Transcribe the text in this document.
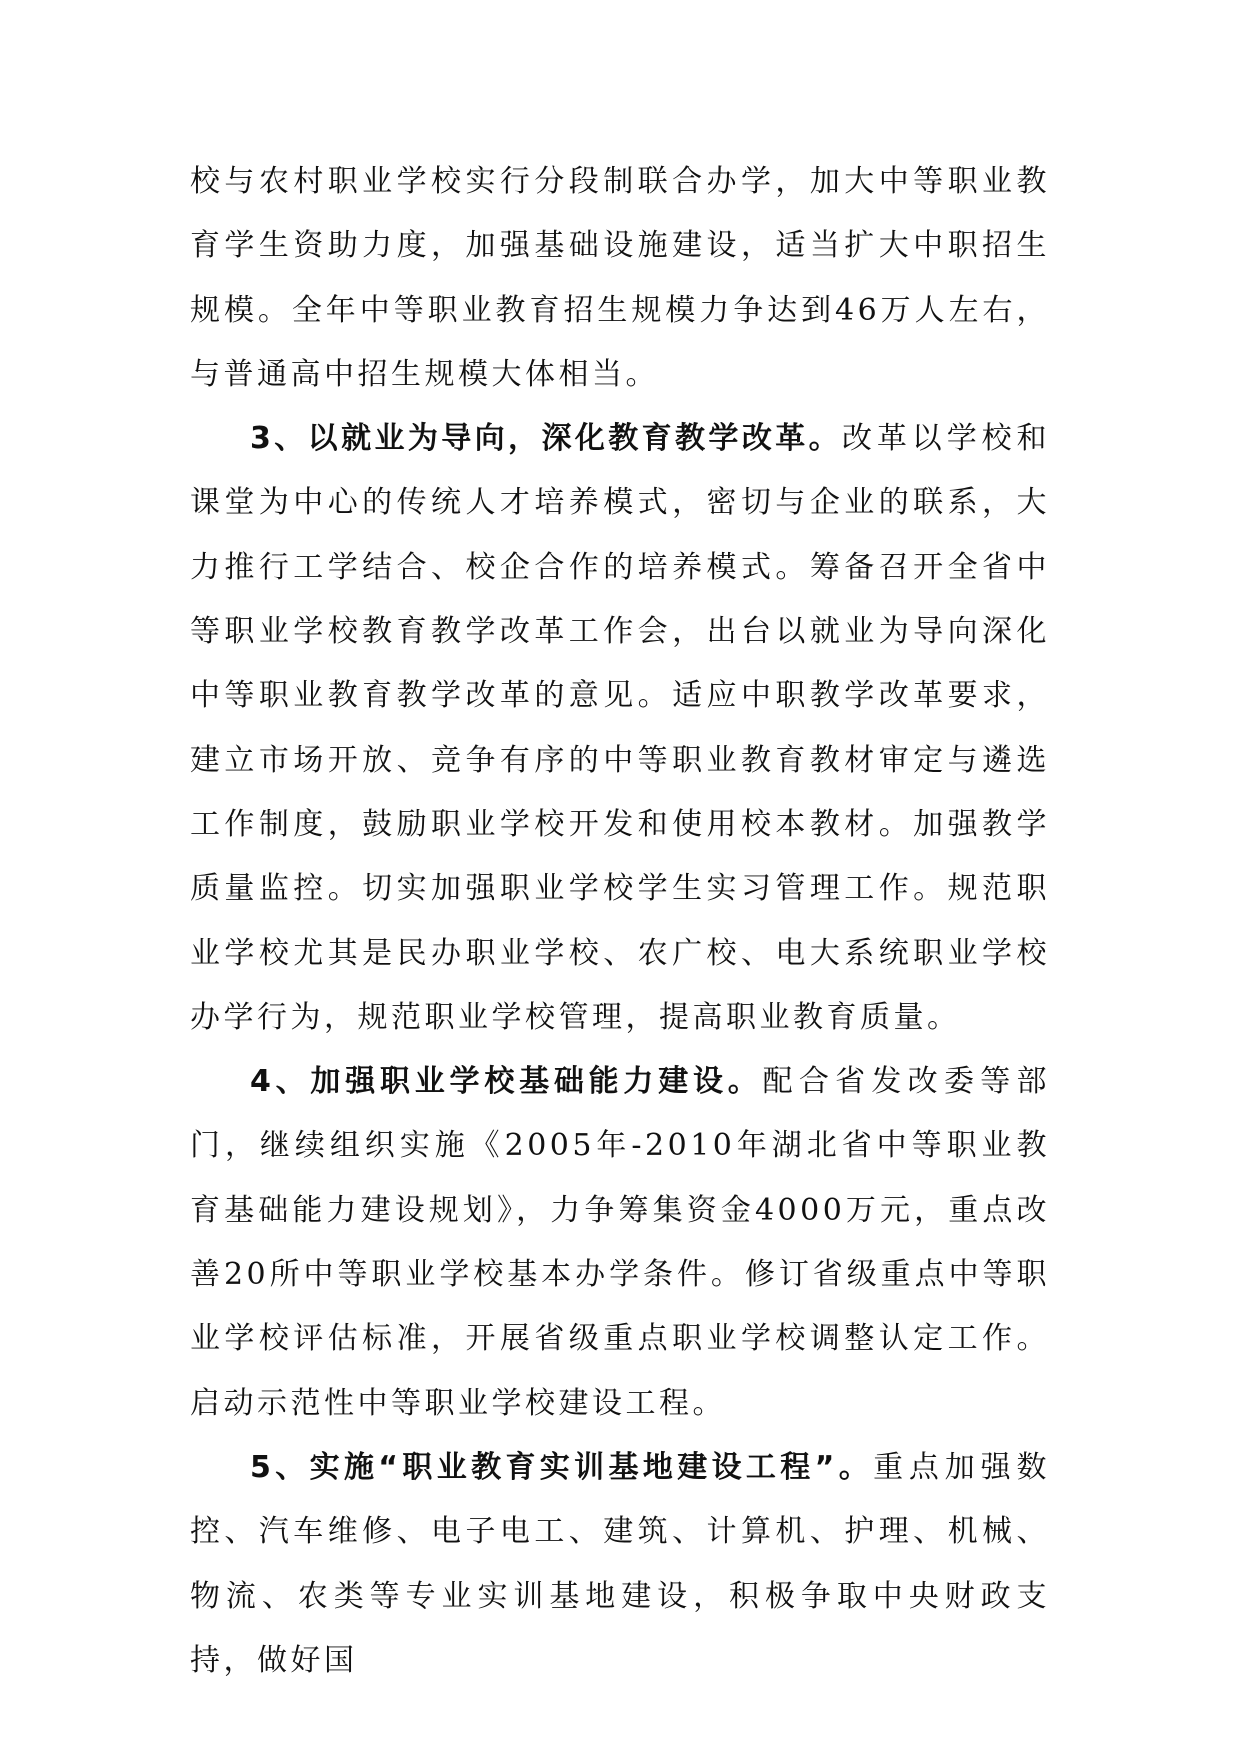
校与农村职业学校实行分段制联合办学，加大中等职业教育学生资助力度，加强基础设施建设，适当扩大中职招生规模。全年中等职业教育招生规模力争达到46万人左右，与普通高中招生规模大体相当。

3、以就业为导向，深化教育教学改革。改革以学校和课堂为中心的传统人才培养模式，密切与企业的联系，大力推行工学结合、校企合作的培养模式。筹备召开全省中等职业学校教育教学改革工作会，出台以就业为导向深化中等职业教育教学改革的意见。适应中职教学改革要求，建立市场开放、竞争有序的中等职业教育教材审定与遴选工作制度，鼓励职业学校开发和使用校本教材。加强教学质量监控。切实加强职业学校学生实习管理工作。规范职业学校尤其是民办职业学校、农广校、电大系统职业学校办学行为，规范职业学校管理，提高职业教育质量。

4、加强职业学校基础能力建设。配合省发改委等部门，继续组织实施《2005年-2010年湖北省中等职业教育基础能力建设规划》，力争筹集资金4000万元，重点改善20所中等职业学校基本办学条件。修订省级重点中等职业学校评估标准，开展省级重点职业学校调整认定工作。启动示范性中等职业学校建设工程。

5、实施“职业教育实训基地建设工程”。重点加强数控、汽车维修、电子电工、建筑、计算机、护理、机械、物流、农类等专业实训基地建设，积极争取中央财政支持，做好国
